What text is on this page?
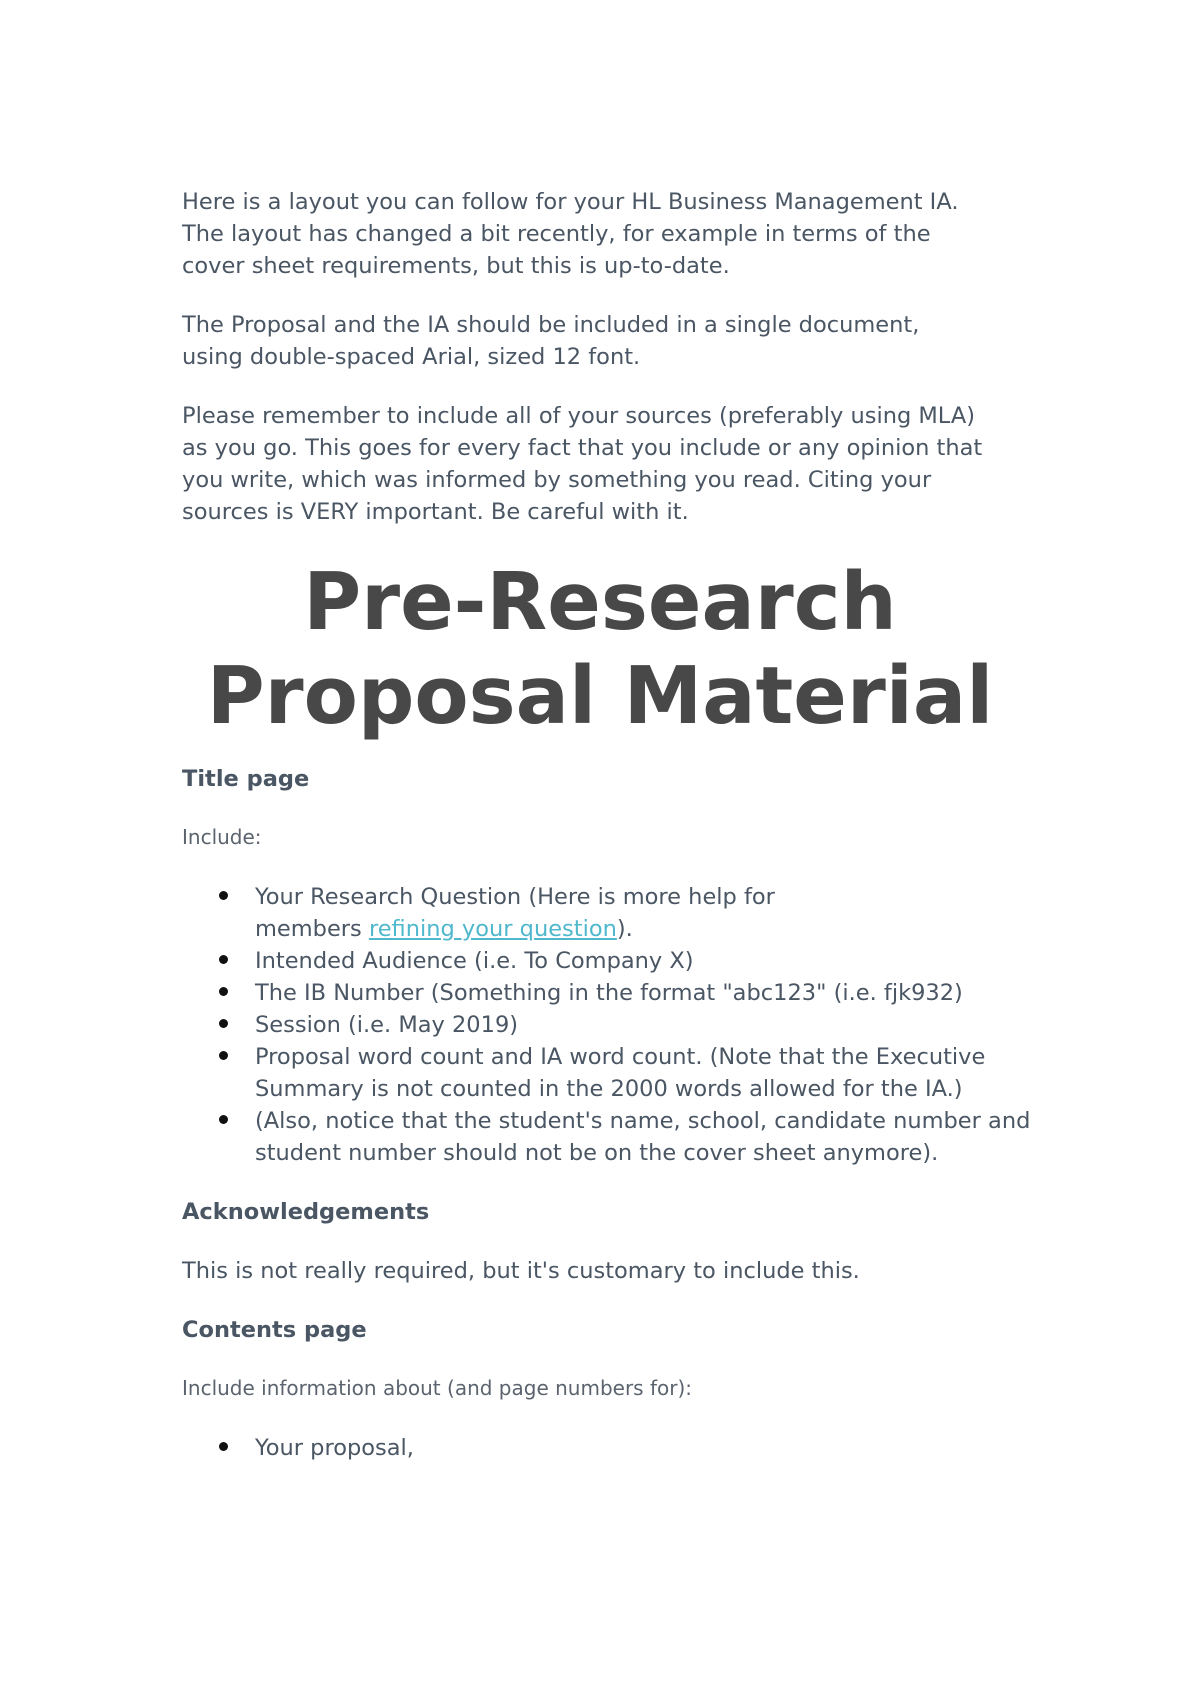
Here is a layout you can follow for your HL Business Management IA. The layout has changed a bit recently, for example in terms of the cover sheet requirements, but this is up-to-date.

The Proposal and the IA should be included in a single document, using double-spaced Arial, sized 12 font.

Please remember to include all of your sources (preferably using MLA) as you go. This goes for every fact that you include or any opinion that you write, which was informed by something you read. Citing your sources is VERY important. Be careful with it.

Pre-Research
Proposal Material
Title page
Include:
Your Research Question (Here is more help for members refining your question).
Intended Audience (i.e. To Company X)
The IB Number (Something in the format "abc123" (i.e. fjk932)
Session (i.e. May 2019)
Proposal word count and IA word count. (Note that the Executive Summary is not counted in the 2000 words allowed for the IA.)
(Also, notice that the student's name, school, candidate number and student number should not be on the cover sheet anymore).
Acknowledgements

This is not really required, but it's customary to include this.

Contents page
Include information about (and page numbers for):
Your proposal,
